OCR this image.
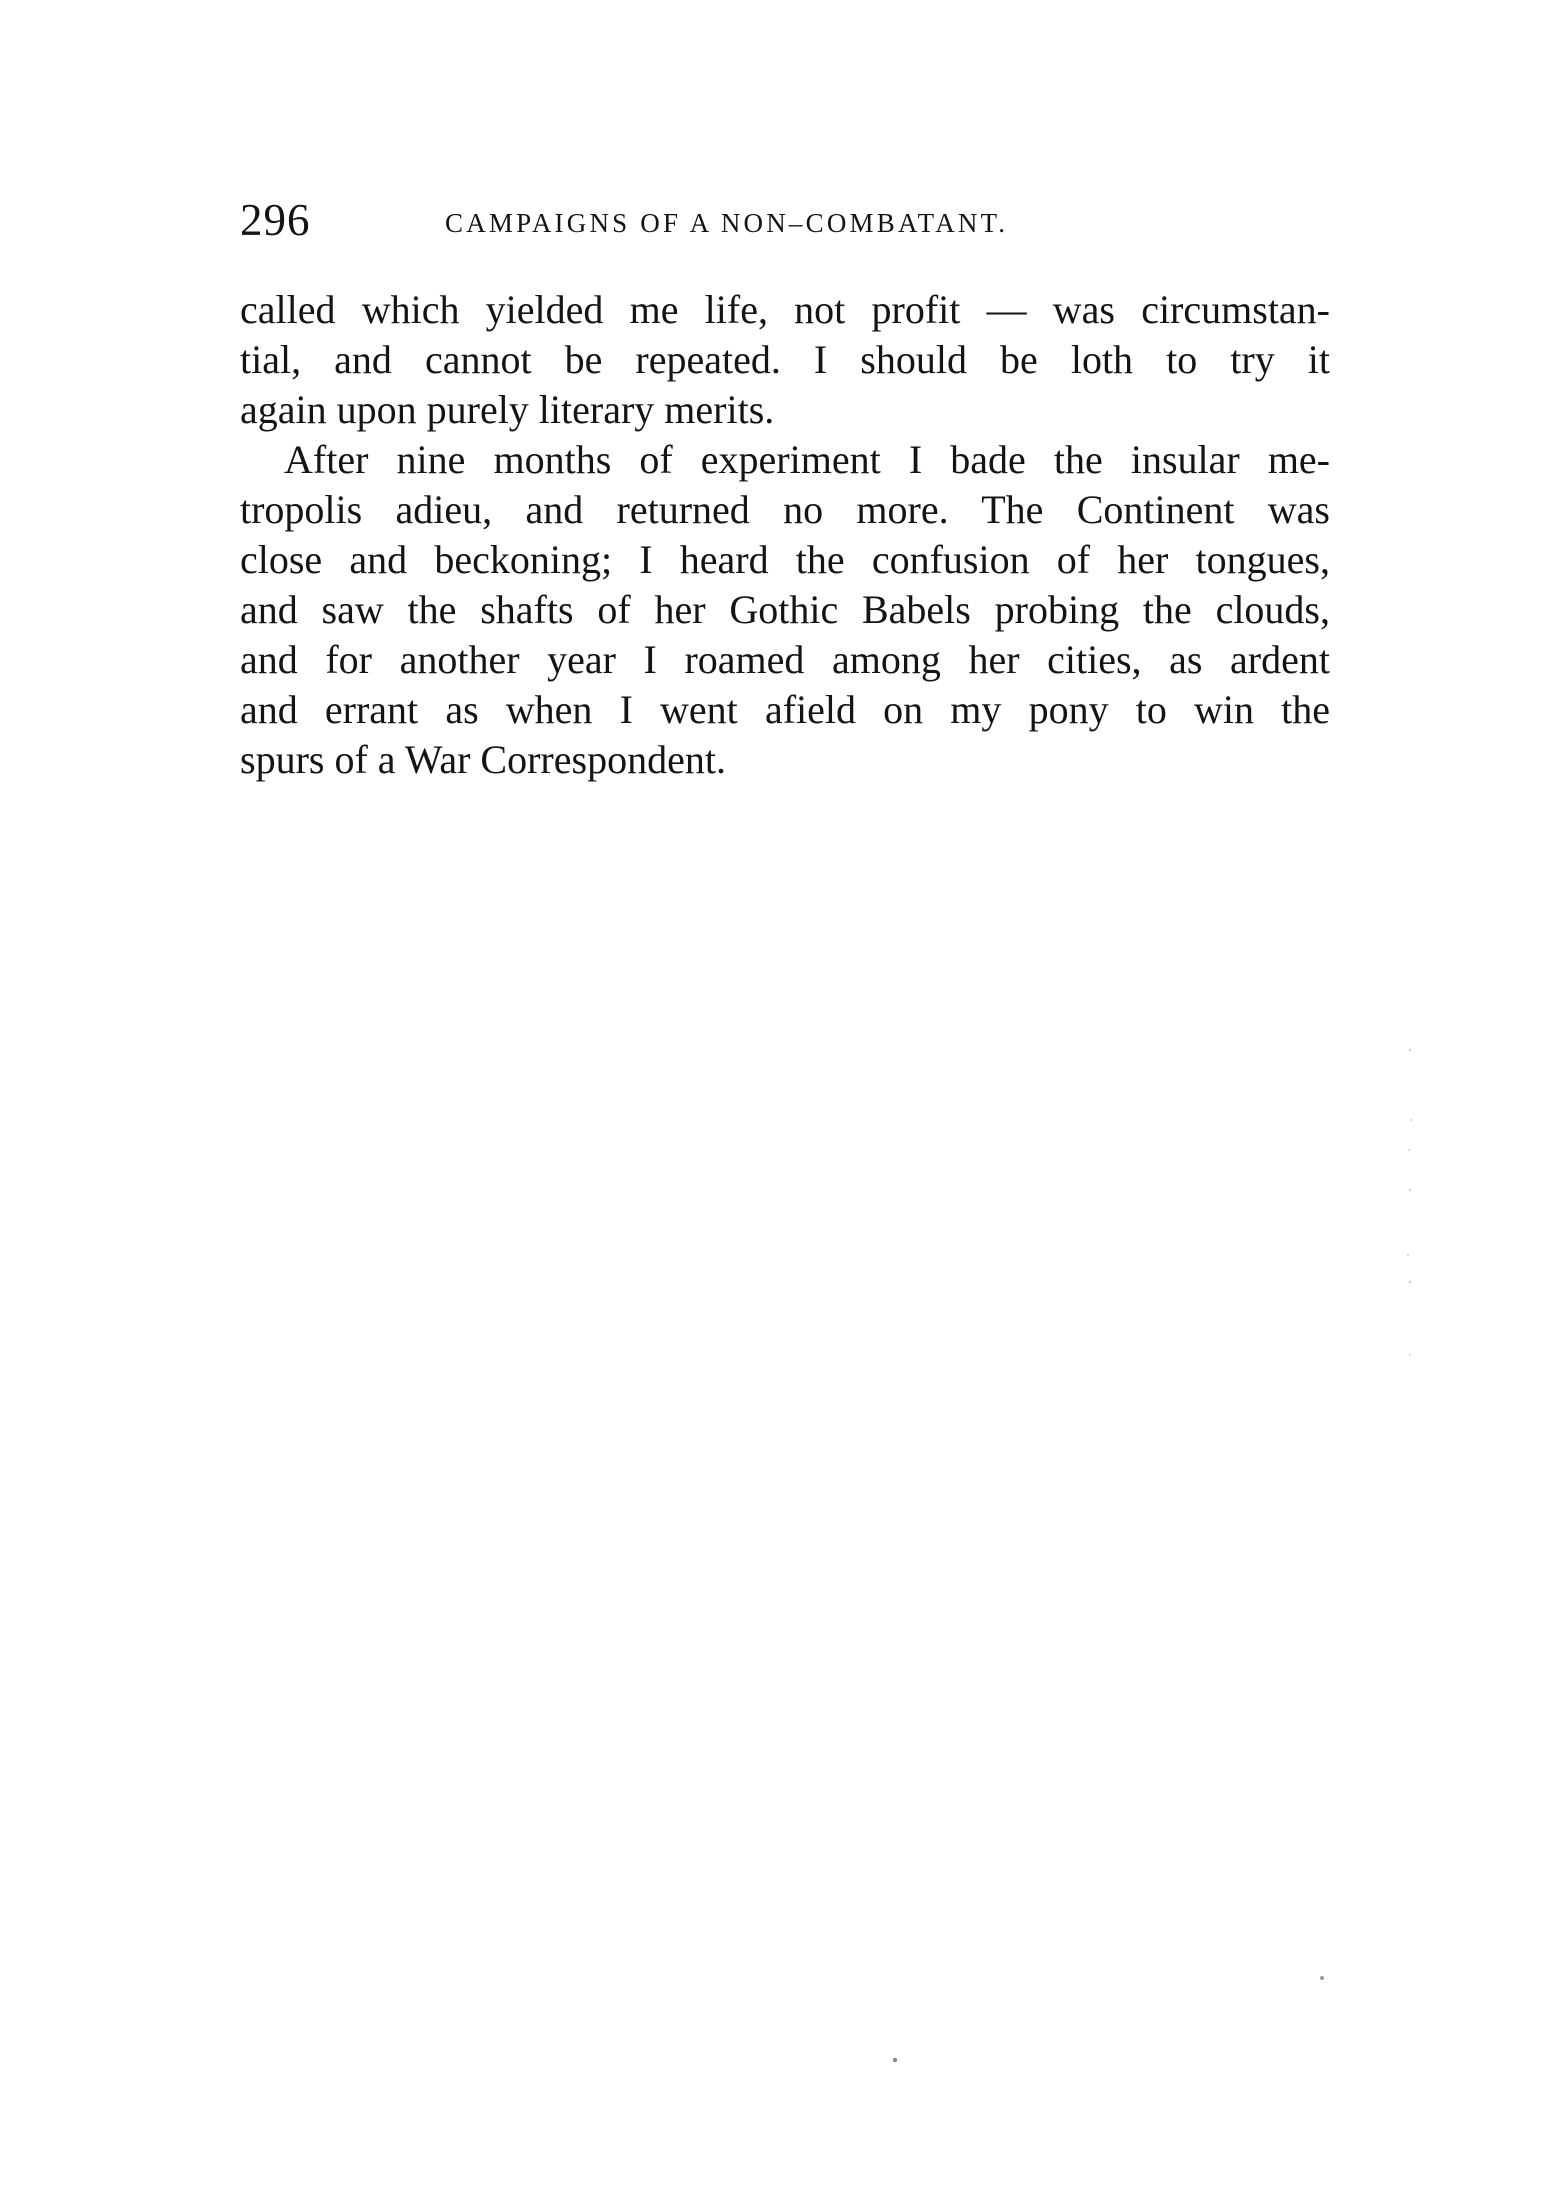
296	CAMPAIGNS OF A NON–COMBATANT.
called which yielded me life, not profit — was circumstan-
tial, and cannot be repeated. I should be loth to try it
again upon purely literary merits.
After nine months of experiment I bade the insular me-
tropolis adieu, and returned no more. The Continent was
close and beckoning; I heard the confusion of her tongues,
and saw the shafts of her Gothic Babels probing the clouds,
and for another year I roamed among her cities, as ardent
and errant as when I went afield on my pony to win the
spurs of a War Correspondent.
